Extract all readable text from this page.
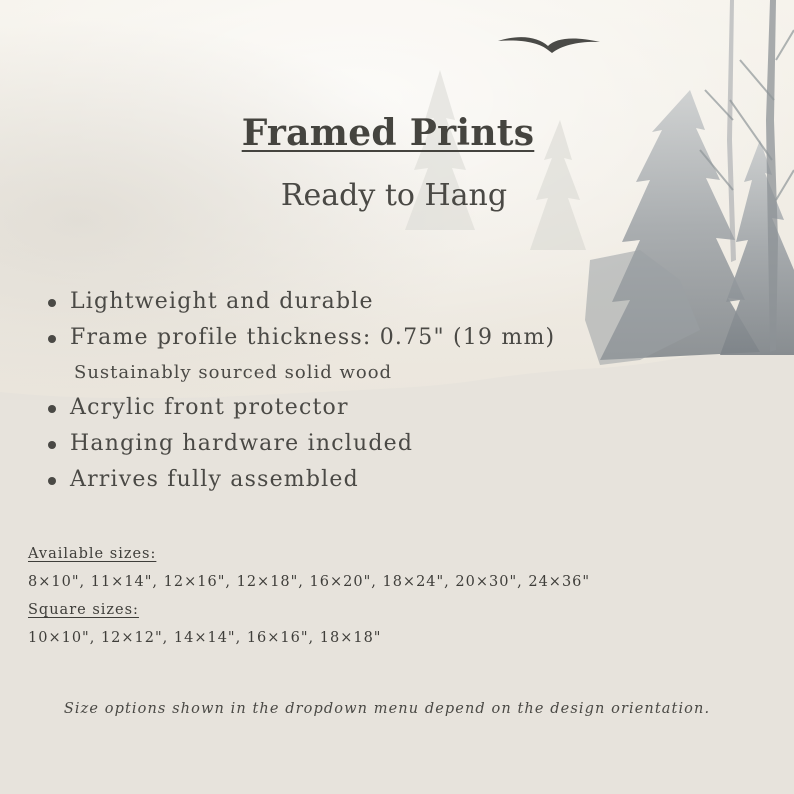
Framed Prints
Ready to Hang
Lightweight and durable
Frame profile thickness: 0.75" (19 mm)
Sustainably sourced solid wood
Acrylic front protector
Hanging hardware included
Arrives fully assembled
Available sizes:
8×10", 11×14", 12×16", 12×18", 16×20", 18×24", 20×30", 24×36"
Square sizes:
10×10", 12×12", 14×14", 16×16", 18×18"
Size options shown in the dropdown menu depend on the design orientation.
